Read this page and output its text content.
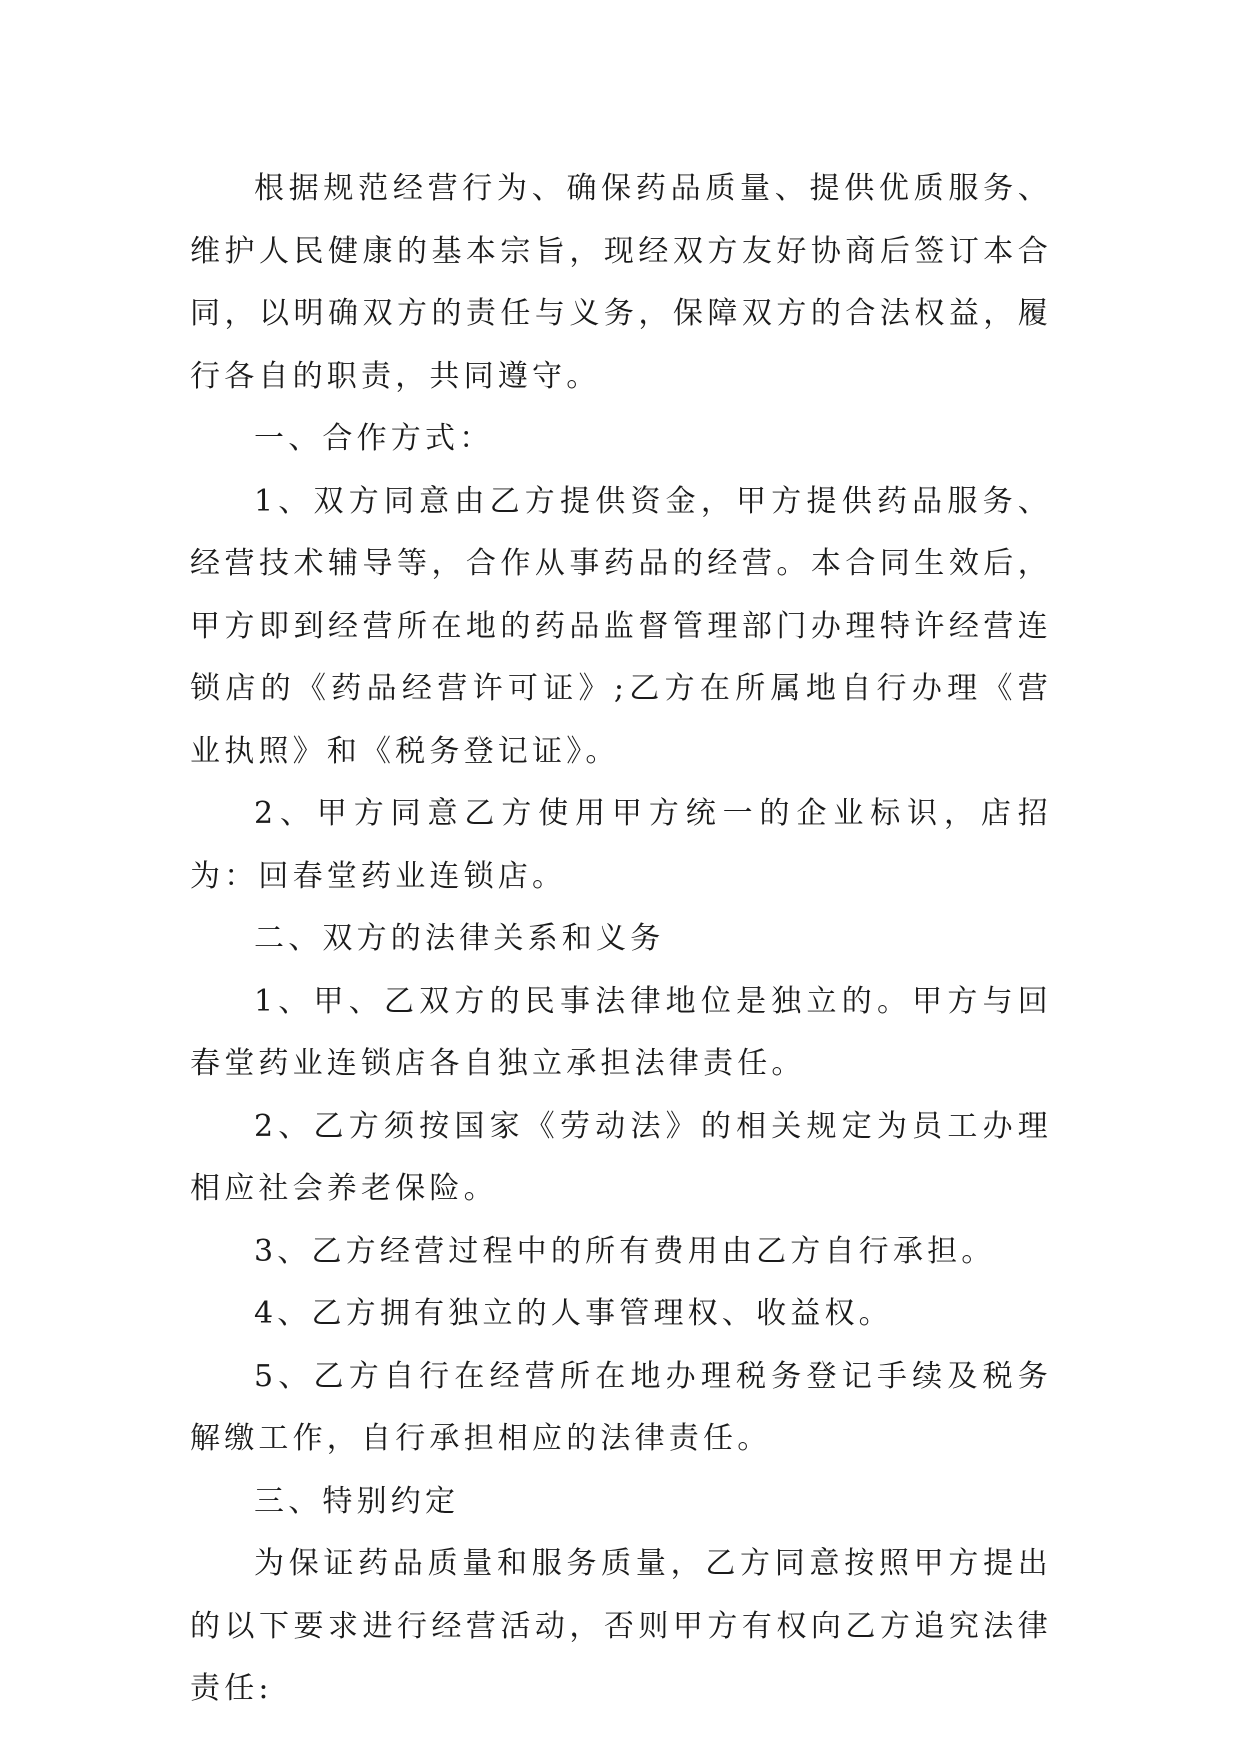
根据规范经营行为、确保药品质量、提供优质服务、维护人民健康的基本宗旨，现经双方友好协商后签订本合同，以明确双方的责任与义务，保障双方的合法权益，履行各自的职责，共同遵守。

一、合作方式：

1、双方同意由乙方提供资金，甲方提供药品服务、经营技术辅导等，合作从事药品的经营。本合同生效后，甲方即到经营所在地的药品监督管理部门办理特许经营连锁店的《药品经营许可证》;乙方在所属地自行办理《营业执照》和《税务登记证》。

2、甲方同意乙方使用甲方统一的企业标识，店招为：回春堂药业连锁店。

二、双方的法律关系和义务

1、甲、乙双方的民事法律地位是独立的。甲方与回春堂药业连锁店各自独立承担法律责任。

2、乙方须按国家《劳动法》的相关规定为员工办理相应社会养老保险。

3、乙方经营过程中的所有费用由乙方自行承担。

4、乙方拥有独立的人事管理权、收益权。

5、乙方自行在经营所在地办理税务登记手续及税务解缴工作，自行承担相应的法律责任。

三、特别约定

为保证药品质量和服务质量，乙方同意按照甲方提出的以下要求进行经营活动，否则甲方有权向乙方追究法律责任:
